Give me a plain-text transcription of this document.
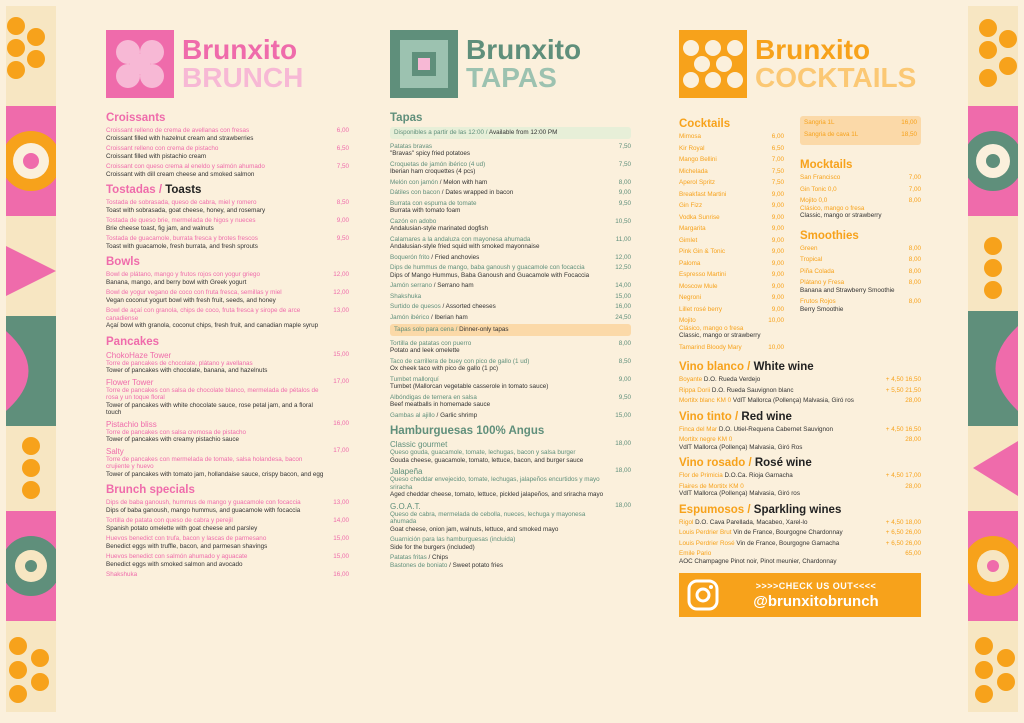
Brunxito
BRUNCH
Croissants
Croissant relleno de crema de avellanas con fresas
Croissant filled with hazelnut cream and strawberries
6,00
Croissant relleno con crema de pistacho
Croissant filled with pistachio cream
6,50
Croissant con queso crema al eneldo y salmón ahumado
Croissant with dill cream cheese and smoked salmon
7,50
Tostadas / Toasts
Tostada de sobrasada, queso de cabra, miel y romero
Toast with sobrasada, goat cheese, honey, and rosemary
8,50
Tostada de queso brie, mermelada de higos y nueces
Brie cheese toast, fig jam, and walnuts
9,00
Tostada de guacamole, burrata fresca y brotes frescos
Toast with guacamole, fresh burrata, and fresh sprouts
9,50
Bowls
Bowl de plátano, mango y frutos rojos con yogur griego
Banana, mango, and berry bowl with Greek yogurt
12,00
Bowl de yogur vegano de coco con fruta fresca, semillas y miel
Vegan coconut yogurt bowl with fresh fruit, seeds, and honey
12,00
Bowl de açaí con granola, chips de coco, fruta fresca y sirope de arce canadiense
Açaí bowl with granola, coconut chips, fresh fruit, and canadian maple syrup
13,00
Pancakes
ChokoHaze Tower
Torre de pancakes de chocolate, plátano y avellanas
Tower of pancakes with chocolate, banana, and hazelnuts
15,00
Flower Tower
Torre de pancakes con salsa de chocolate blanco, mermelada de pétalos de rosa y un toque floral
Tower of pancakes with white chocolate sauce, rose petal jam, and a floral touch
17,00
Pistachio bliss
Torre de pancakes con salsa cremosa de pistacho
Tower of pancakes with creamy pistachio sauce
16,00
Salty
Torre de pancakes con mermelada de tomate, salsa holandesa, bacon crujiente y huevo
Tower of pancakes with tomato jam, hollandaise sauce, crispy bacon, and egg
17,00
Brunch specials
Dips de baba ganoush, hummus de mango y guacamole con focaccia
Dips of baba ganoush, mango hummus, and guacamole with focaccia
13,00
Tortilla de patata con queso de cabra y perejil
Spanish potato omelette with goat cheese and parsley
14,00
Huevos benedict con trufa, bacon y lascas de parmesano
Benedict eggs with truffle, bacon, and parmesan shavings
15,00
Huevos benedict con salmón ahumado y aguacate
Benedict eggs with smoked salmon and avocado
15,00
Shakshuka	16,00
Brunxito
TAPAS
Tapas
Disponibles a partir de las 12:00 / Available from 12:00 PM
Patatas bravas
"Bravas" spicy fried potatoes
7,50
Croquetas de jamón ibérico (4 ud)
Iberian ham croquettes (4 pcs)
7,50
Melón con jamón / Melon with ham	8,00
Dátiles con bacon / Dates wrapped in bacon	9,00
Burrata con espuma de tomate
Burrata with tomato foam
9,50
Cazón en adobo
Andalusian-style marinated dogfish
10,50
Calamares a la andaluza con mayonesa ahumada
Andalusian-style fried squid with smoked mayonnaise
11,00
Boquerón frito / Fried anchovies	12,00
Dips de hummus de mango, baba ganoush y guacamole con focaccia
Dips of Mango Hummus, Baba Ganoush and Guacamole with Focaccia
12,50
Jamón serrano / Serrano ham	14,00
Shakshuka	15,00
Surtido de quesos / Assorted cheeses	16,00
Jamón ibérico / Iberian ham	24,50
Tapas solo para cena / Dinner-only tapas
Tortilla de patatas con puerro
Potato and leek omelette
8,00
Taco de carrillera de buey con pico de gallo (1 ud)
Ox cheek taco with pico de gallo (1 pc)
8,50
Tumbet mallorquí
Tumbet (Mallorcan vegetable casserole in tomato sauce)
9,00
Albóndigas de ternera en salsa
Beef meatballs in homemade sauce
9,50
Gambas al ajillo / Garlic shrimp	15,00
Hamburguesas 100% Angus
Classic gourmet
Queso gouda, guacamole, tomate, lechugas, bacon y salsa burger
Gouda cheese, guacamole, tomato, lettuce, bacon, and burger sauce
18,00
Jalapeña
Queso cheddar envejecido, tomate, lechugas, jalapeños encurtidos y mayo sriracha
Aged cheddar cheese, tomato, lettuce, pickled jalapeños, and sriracha mayo
18,00
G.O.A.T.
Queso de cabra, mermelada de cebolla, nueces, lechuga y mayonesa ahumada
Goat cheese, onion jam, walnuts, lettuce, and smoked mayo
18,00
Guarnición para las hamburguesas (incluida)
Side for the burgers (included)
Patatas fritas / Chips
Bastones de boniato / Sweet potato fries
Brunxito
COCKTAILS
Cocktails
Mimosa	6,00
Kir Royal	6,50
Mango Bellini	7,00
Michelada	7,50
Aperol Spritz	7,50
Breakfast Martini	9,00
Gin Fizz	9,00
Vodka Sunrise	9,00
Margarita	9,00
Gimlet	9,00
Pink Gin & Tonic	9,00
Paloma	9,00
Espresso Martini	9,00
Moscow Mule	9,00
Negroni	9,00
Lillet rosé berry	9,00
Mojito	10,00
Clásico, mango o fresa
Classic, mango or strawberry
Tamarind Bloody Mary	10,00
Sangria 1L	16,00
Sangria de cava 1L	18,50
Mocktails
San Francisco	7,00
Gin Tonic 0,0	7,00
Mojito 0,0	8,00
Clásico, mango o fresa
Classic, mango or strawberry
Smoothies
Green	8,00
Tropical	8,00
Piña Colada	8,00
Plátano y Fresa	8,00
Banana and Strawberry Smoothie
Frutos Rojos	8,00
Berry Smoothie
Vino blanco / White wine
Boyante D.O. Rueda Verdejo	+ 4,50 16,50
Rippa Dorii D.O. Rueda Sauvignon blanc	+ 5,50 21,50
Mortitx blanc KM 0 VdlT Mallorca (Pollença) Malvasia, Giró ros	28,00
Vino tinto / Red wine
Finca del Mar D.O. Utiel-Requena Cabernet Sauvignon	+ 4,50 16,50
Mortitx negre KM 0
VdlT Mallorca (Pollença) Malvasia, Giró Ros
28,00
Vino rosado / Rosé wine
Flor de Primicia D.O.Ca. Rioja Garnacha	+ 4,50 17,00
Flaires de Mortitx KM 0
VdlT Mallorca (Pollença) Malvasia, Giró ros
28,00
Espumosos / Sparkling wines
Rigol D.O. Cava Parellada, Macabeo, Xarel-lo	+ 4,50 18,00
Louis Perdrier Brut Vin de France, Bourgogne Chardonnay	+ 6,50 26,00
Louis Perdrier Rosé Vin de France, Bourgogne Garnacha	+ 6,50 26,00
Emile Pario
AOC Champagne Pinot noir, Pinot meunier, Chardonnay
65,00
>>>>CHECK US OUT<<<<
@brunxitobrunch
